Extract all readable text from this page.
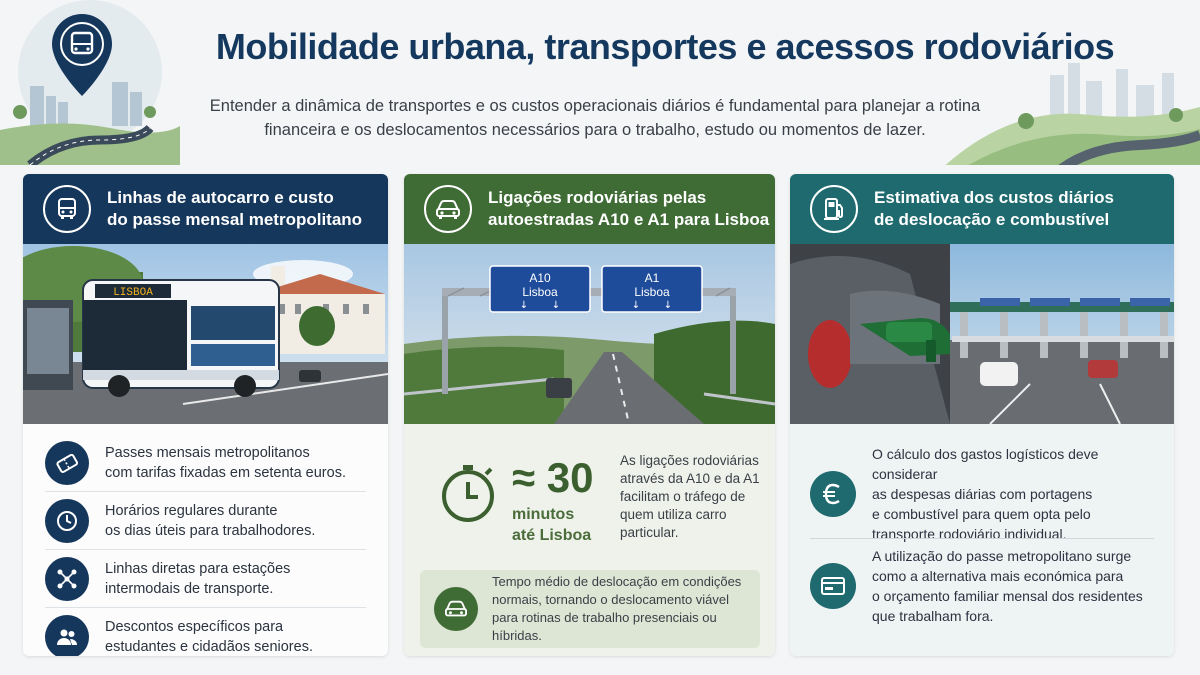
Mobilidade urbana, transportes e acessos rodoviários
Entender a dinâmica de transportes e os custos operacionais diários é fundamental para planejar a rotina financeira e os deslocamentos necessários para o trabalho, estudo ou momentos de lazer.
Linhas de autocarro e custo
do passe mensal metropolitano
LISBOA
Passes mensais metropolitanos
com tarifas fixadas em setenta euros.
Horários regulares durante
os dias úteis para trabalhodores.
Linhas diretas para estações
intermodais de transporte.
Descontos específicos para
estudantes e cidadãos seniores.
Ligações rodoviárias pelas
autoestradas A10 e A1 para Lisboa
A10
Lisboa
↓ ↓
A1
Lisboa
↓ ↓
≈ 30
minutos
até Lisboa
As ligações rodoviárias
através da A10 e da A1
facilitam o tráfego de
quem utiliza carro
particular.
Tempo médio de deslocação em condições
normais, tornando o deslocamento viável
para rotinas de trabalho presenciais ou híbridas.
Estimativa dos custos diários
de deslocação e combustível
O cálculo dos gastos logísticos deve considerar
as despesas diárias com portagens
e combustível para quem opta pelo
transporte rodoviário individual.
A utilização do passe metropolitano surge
como a alternativa mais económica para
o orçamento familiar mensal dos residentes
que trabalham fora.
